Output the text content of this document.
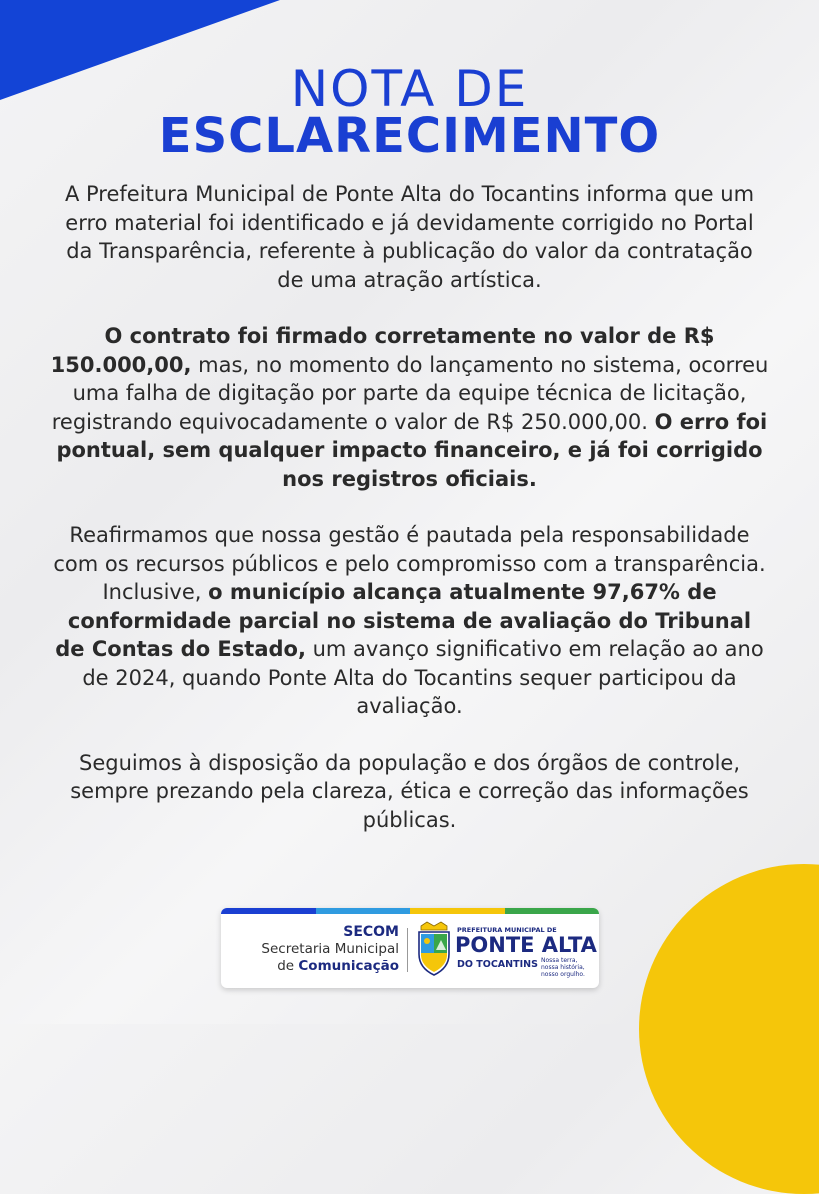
NOTA DE
ESCLARECIMENTO

A Prefeitura Municipal de Ponte Alta do Tocantins informa que um erro material foi identificado e já devidamente corrigido no Portal da Transparência, referente à publicação do valor da contratação de uma atração artística.

O contrato foi firmado corretamente no valor de R$ 150.000,00, mas, no momento do lançamento no sistema, ocorreu uma falha de digitação por parte da equipe técnica de licitação, registrando equivocadamente o valor de R$ 250.000,00. O erro foi pontual, sem qualquer impacto financeiro, e já foi corrigido nos registros oficiais.

Reafirmamos que nossa gestão é pautada pela responsabilidade com os recursos públicos e pelo compromisso com a transparência. Inclusive, o município alcança atualmente 97,67% de conformidade parcial no sistema de avaliação do Tribunal de Contas do Estado, um avanço significativo em relação ao ano de 2024, quando Ponte Alta do Tocantins sequer participou da avaliação.

Seguimos à disposição da população e dos órgãos de controle, sempre prezando pela clareza, ética e correção das informações públicas.

SECOM
Secretaria Municipal
de Comunicação
PREFEITURA MUNICIPAL DE
PONTE ALTA
DO TOCANTINS Nossa terra, nossa história, nosso orgulho.
